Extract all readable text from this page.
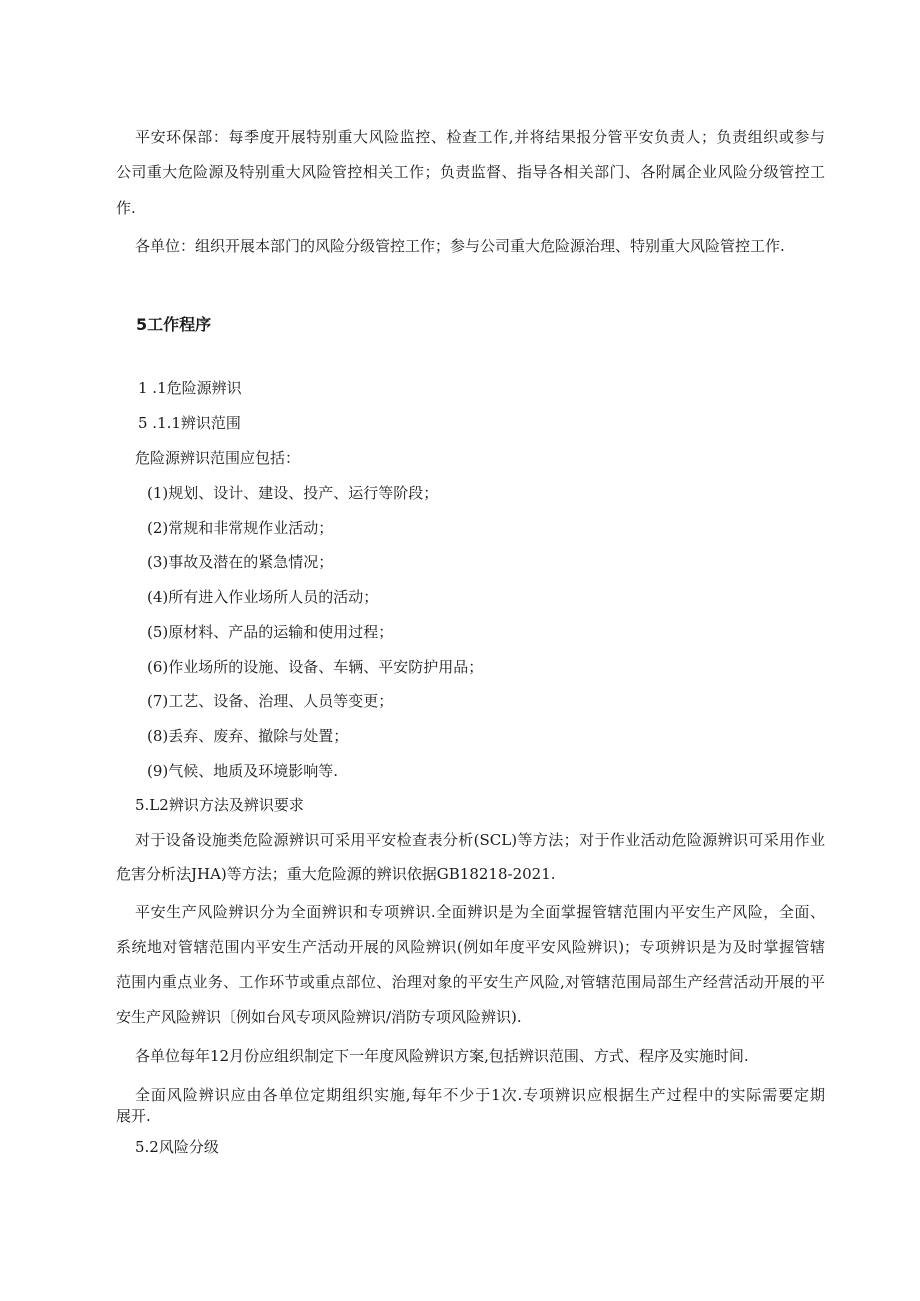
平安环保部：每季度开展特别重大风险监控、检查工作,并将结果报分管平安负责人；负责组织或参与
公司重大危险源及特别重大风险管控相关工作；负责监督、指导各相关部门、各附属企业风险分级管控工
作.
各单位：组织开展本部门的风险分级管控工作；参与公司重大危险源治理、特别重大风险管控工作.
5工作程序
1 .1危险源辨识
5 .1.1辨识范围
危险源辨识范围应包括：
(1)规划、设计、建设、投产、运行等阶段；
(2)常规和非常规作业活动；
(3)事故及潜在的紧急情况；
(4)所有进入作业场所人员的活动；
(5)原材料、产品的运输和使用过程；
(6)作业场所的设施、设备、车辆、平安防护用品；
(7)工艺、设备、治理、人员等变更；
(8)丢弃、废弃、撤除与处置；
(9)气候、地质及环境影响等.
5.L2辨识方法及辨识要求
对于设备设施类危险源辨识可采用平安检查表分析(SCL)等方法；对于作业活动危险源辨识可采用作业
危害分析法JHA)等方法；重大危险源的辨识依据GB18218-2021.
平安生产风险辨识分为全面辨识和专项辨识.全面辨识是为全面掌握管辖范围内平安生产风险，全面、
系统地对管辖范围内平安生产活动开展的风险辨识(例如年度平安风险辨识)；专项辨识是为及时掌握管辖
范围内重点业务、工作环节或重点部位、治理对象的平安生产风险,对管辖范围局部生产经营活动开展的平
安生产风险辨识〔例如台风专项风险辨识/消防专项风险辨识).
各单位每年12月份应组织制定下一年度风险辨识方案,包括辨识范围、方式、程序及实施时间.
全面风险辨识应由各单位定期组织实施,每年不少于1次.专项辨识应根据生产过程中的实际需要定期
展开.
5.2风险分级
